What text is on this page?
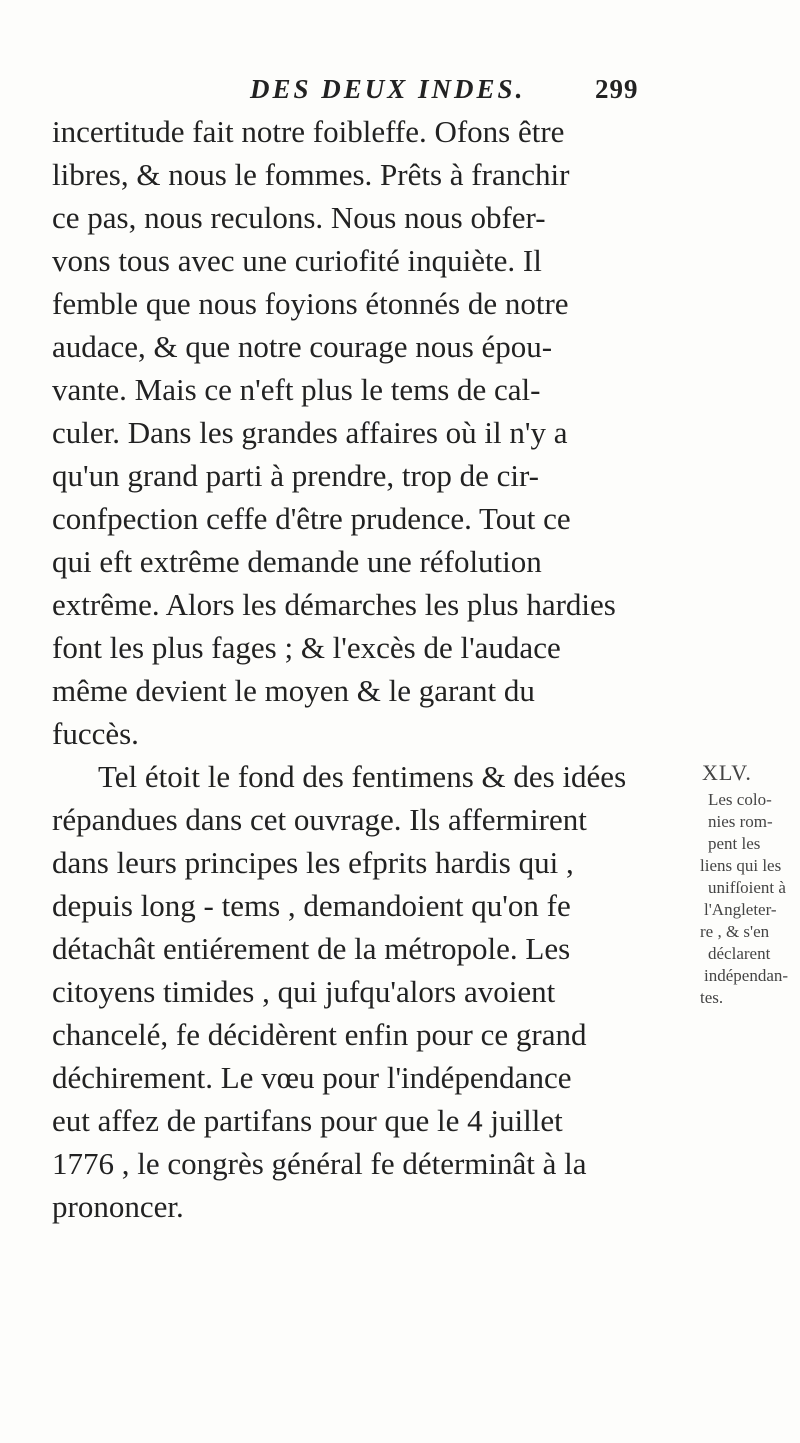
DES DEUX INDES.	299
incertitude fait notre foibleffe. Ofons être
libres, & nous le fommes. Prêts à franchir
ce pas, nous reculons. Nous nous obfer-
vons tous avec une curiofité inquiète. Il
femble que nous foyions étonnés de notre
audace, & que notre courage nous épou-
vante. Mais ce n'eft plus le tems de cal-
culer. Dans les grandes affaires où il n'y a
qu'un grand parti à prendre, trop de cir-
confpection ceffe d'être prudence. Tout ce
qui eft extrême demande une réfolution
extrême. Alors les démarches les plus hardies
font les plus fages ; & l'excès de l'audace
même devient le moyen & le garant du
fuccès.
Tel étoit le fond des fentimens & des idées
répandues dans cet ouvrage. Ils affermirent
dans leurs principes les efprits hardis qui ,
depuis long - tems , demandoient qu'on fe
détachât entiérement de la métropole. Les
citoyens timides , qui jufqu'alors avoient
chancelé, fe décidèrent enfin pour ce grand
déchirement. Le vœu pour l'indépendance
eut affez de partifans pour que le 4 juillet
1776 , le congrès général fe déterminât à la
prononcer.
XLV.
Les colo-
nies rom-
pent les
liens qui les
unifſoient à
l'Angleter-
re , & s'en
déclarent
indépendan-
tes.
